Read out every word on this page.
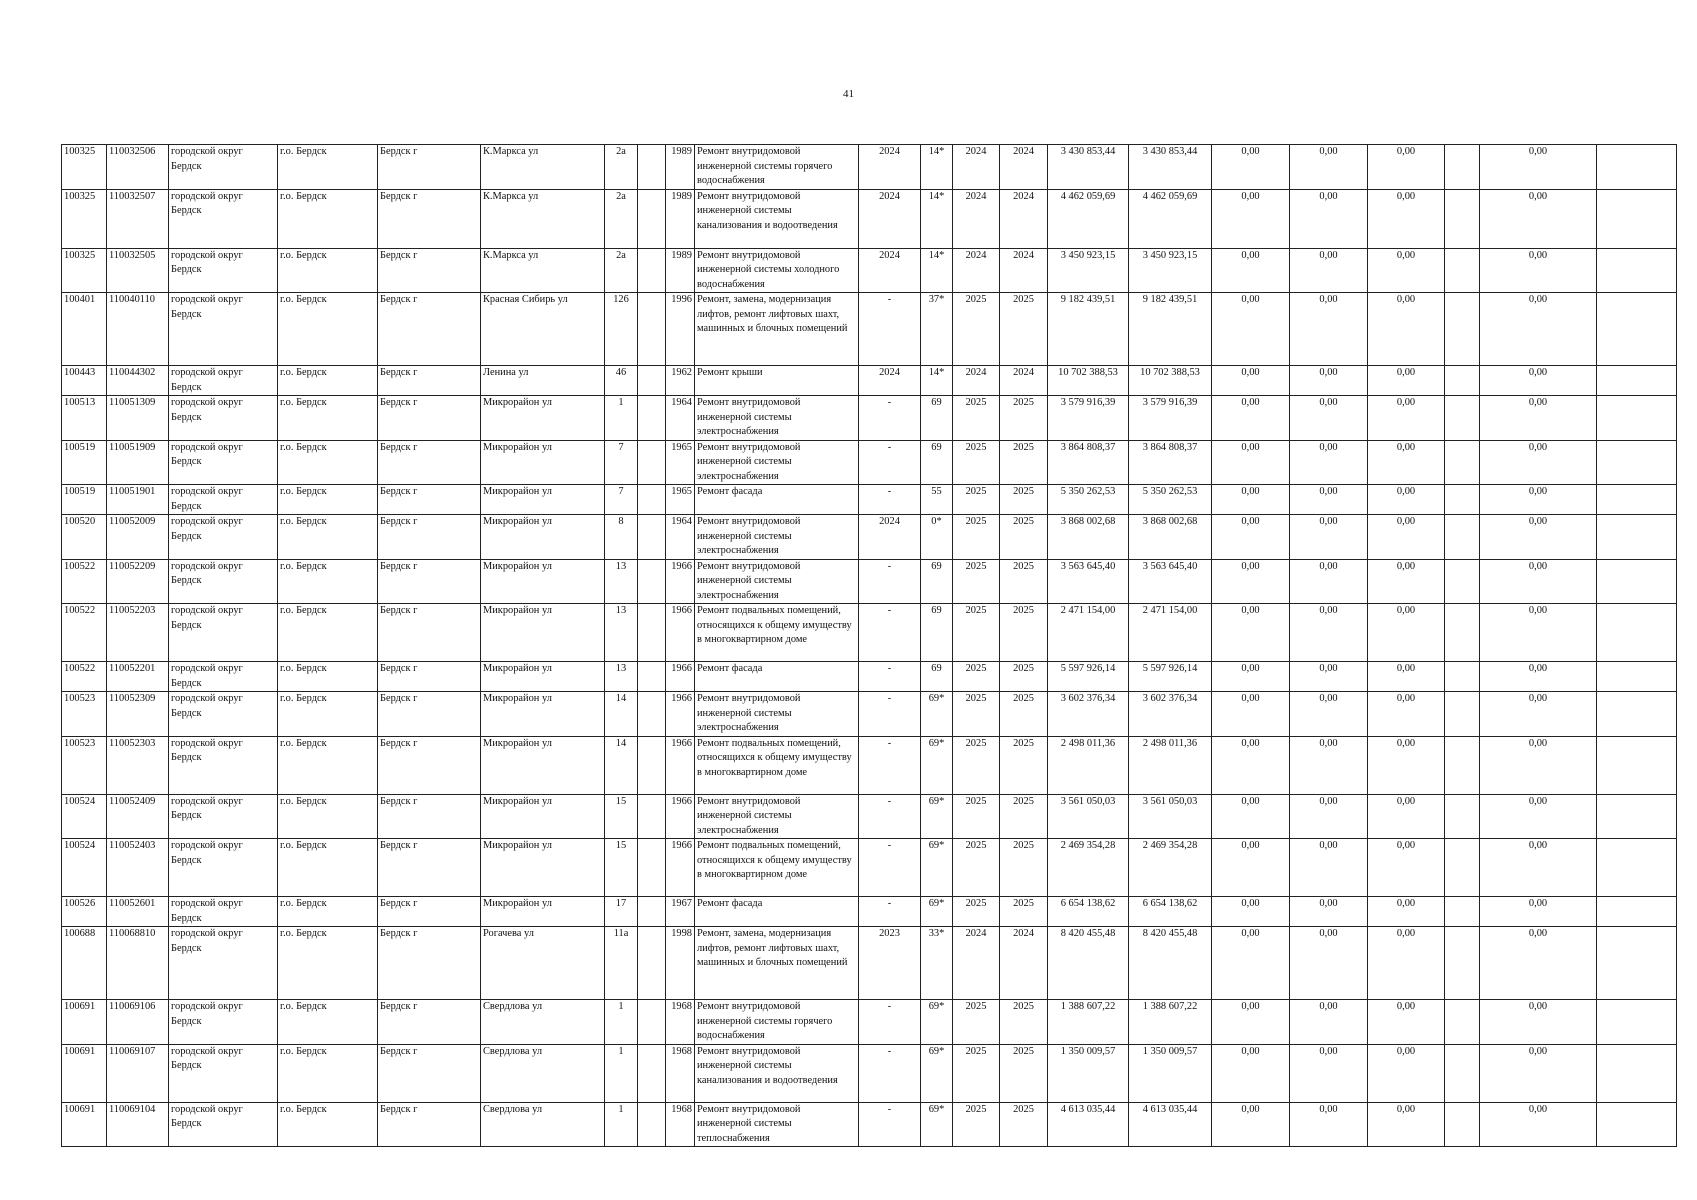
41
100325	110032506	городской округ Бердск	г.о. Бердск	Бердск г	К.Маркса ул	2а		1989	Ремонт внутридомовой инженерной системы горячего водоснабжения	2024	14*	2024	2024	3 430 853,44	3 430 853,44	0,00	0,00	0,00		0,00	
100325	110032507	городской округ Бердск	г.о. Бердск	Бердск г	К.Маркса ул	2а		1989	Ремонт внутридомовой инженерной системы канализования и водоотведения	2024	14*	2024	2024	4 462 059,69	4 462 059,69	0,00	0,00	0,00		0,00	
100325	110032505	городской округ Бердск	г.о. Бердск	Бердск г	К.Маркса ул	2а		1989	Ремонт внутридомовой инженерной системы холодного водоснабжения	2024	14*	2024	2024	3 450 923,15	3 450 923,15	0,00	0,00	0,00		0,00	
100401	110040110	городской округ Бердск	г.о. Бердск	Бердск г	Красная Сибирь ул	126		1996	Ремонт, замена, модернизация лифтов, ремонт лифтовых шахт, машинных и блочных помещений	-	37*	2025	2025	9 182 439,51	9 182 439,51	0,00	0,00	0,00		0,00	
100443	110044302	городской округ Бердск	г.о. Бердск	Бердск г	Ленина ул	46		1962	Ремонт крыши	2024	14*	2024	2024	10 702 388,53	10 702 388,53	0,00	0,00	0,00		0,00	
100513	110051309	городской округ Бердск	г.о. Бердск	Бердск г	Микрорайон ул	1		1964	Ремонт внутридомовой инженерной системы электроснабжения	-	69	2025	2025	3 579 916,39	3 579 916,39	0,00	0,00	0,00		0,00	
100519	110051909	городской округ Бердск	г.о. Бердск	Бердск г	Микрорайон ул	7		1965	Ремонт внутридомовой инженерной системы электроснабжения	-	69	2025	2025	3 864 808,37	3 864 808,37	0,00	0,00	0,00		0,00	
100519	110051901	городской округ Бердск	г.о. Бердск	Бердск г	Микрорайон ул	7		1965	Ремонт фасада	-	55	2025	2025	5 350 262,53	5 350 262,53	0,00	0,00	0,00		0,00	
100520	110052009	городской округ Бердск	г.о. Бердск	Бердск г	Микрорайон ул	8		1964	Ремонт внутридомовой инженерной системы электроснабжения	2024	0*	2025	2025	3 868 002,68	3 868 002,68	0,00	0,00	0,00		0,00	
100522	110052209	городской округ Бердск	г.о. Бердск	Бердск г	Микрорайон ул	13		1966	Ремонт внутридомовой инженерной системы электроснабжения	-	69	2025	2025	3 563 645,40	3 563 645,40	0,00	0,00	0,00		0,00	
100522	110052203	городской округ Бердск	г.о. Бердск	Бердск г	Микрорайон ул	13		1966	Ремонт подвальных помещений, относящихся к общему имуществу в многоквартирном доме	-	69	2025	2025	2 471 154,00	2 471 154,00	0,00	0,00	0,00		0,00	
100522	110052201	городской округ Бердск	г.о. Бердск	Бердск г	Микрорайон ул	13		1966	Ремонт фасада	-	69	2025	2025	5 597 926,14	5 597 926,14	0,00	0,00	0,00		0,00	
100523	110052309	городской округ Бердск	г.о. Бердск	Бердск г	Микрорайон ул	14		1966	Ремонт внутридомовой инженерной системы электроснабжения	-	69*	2025	2025	3 602 376,34	3 602 376,34	0,00	0,00	0,00		0,00	
100523	110052303	городской округ Бердск	г.о. Бердск	Бердск г	Микрорайон ул	14		1966	Ремонт подвальных помещений, относящихся к общему имуществу в многоквартирном доме	-	69*	2025	2025	2 498 011,36	2 498 011,36	0,00	0,00	0,00		0,00	
100524	110052409	городской округ Бердск	г.о. Бердск	Бердск г	Микрорайон ул	15		1966	Ремонт внутридомовой инженерной системы электроснабжения	-	69*	2025	2025	3 561 050,03	3 561 050,03	0,00	0,00	0,00		0,00	
100524	110052403	городской округ Бердск	г.о. Бердск	Бердск г	Микрорайон ул	15		1966	Ремонт подвальных помещений, относящихся к общему имуществу в многоквартирном доме	-	69*	2025	2025	2 469 354,28	2 469 354,28	0,00	0,00	0,00		0,00	
100526	110052601	городской округ Бердск	г.о. Бердск	Бердск г	Микрорайон ул	17		1967	Ремонт фасада	-	69*	2025	2025	6 654 138,62	6 654 138,62	0,00	0,00	0,00		0,00	
100688	110068810	городской округ Бердск	г.о. Бердск	Бердск г	Рогачева ул	11а		1998	Ремонт, замена, модернизация лифтов, ремонт лифтовых шахт, машинных и блочных помещений	2023	33*	2024	2024	8 420 455,48	8 420 455,48	0,00	0,00	0,00		0,00	
100691	110069106	городской округ Бердск	г.о. Бердск	Бердск г	Свердлова ул	1		1968	Ремонт внутридомовой инженерной системы горячего водоснабжения	-	69*	2025	2025	1 388 607,22	1 388 607,22	0,00	0,00	0,00		0,00	
100691	110069107	городской округ Бердск	г.о. Бердск	Бердск г	Свердлова ул	1		1968	Ремонт внутридомовой инженерной системы канализования и водоотведения	-	69*	2025	2025	1 350 009,57	1 350 009,57	0,00	0,00	0,00		0,00	
100691	110069104	городской округ Бердск	г.о. Бердск	Бердск г	Свердлова ул	1		1968	Ремонт внутридомовой инженерной системы теплоснабжения	-	69*	2025	2025	4 613 035,44	4 613 035,44	0,00	0,00	0,00		0,00	
